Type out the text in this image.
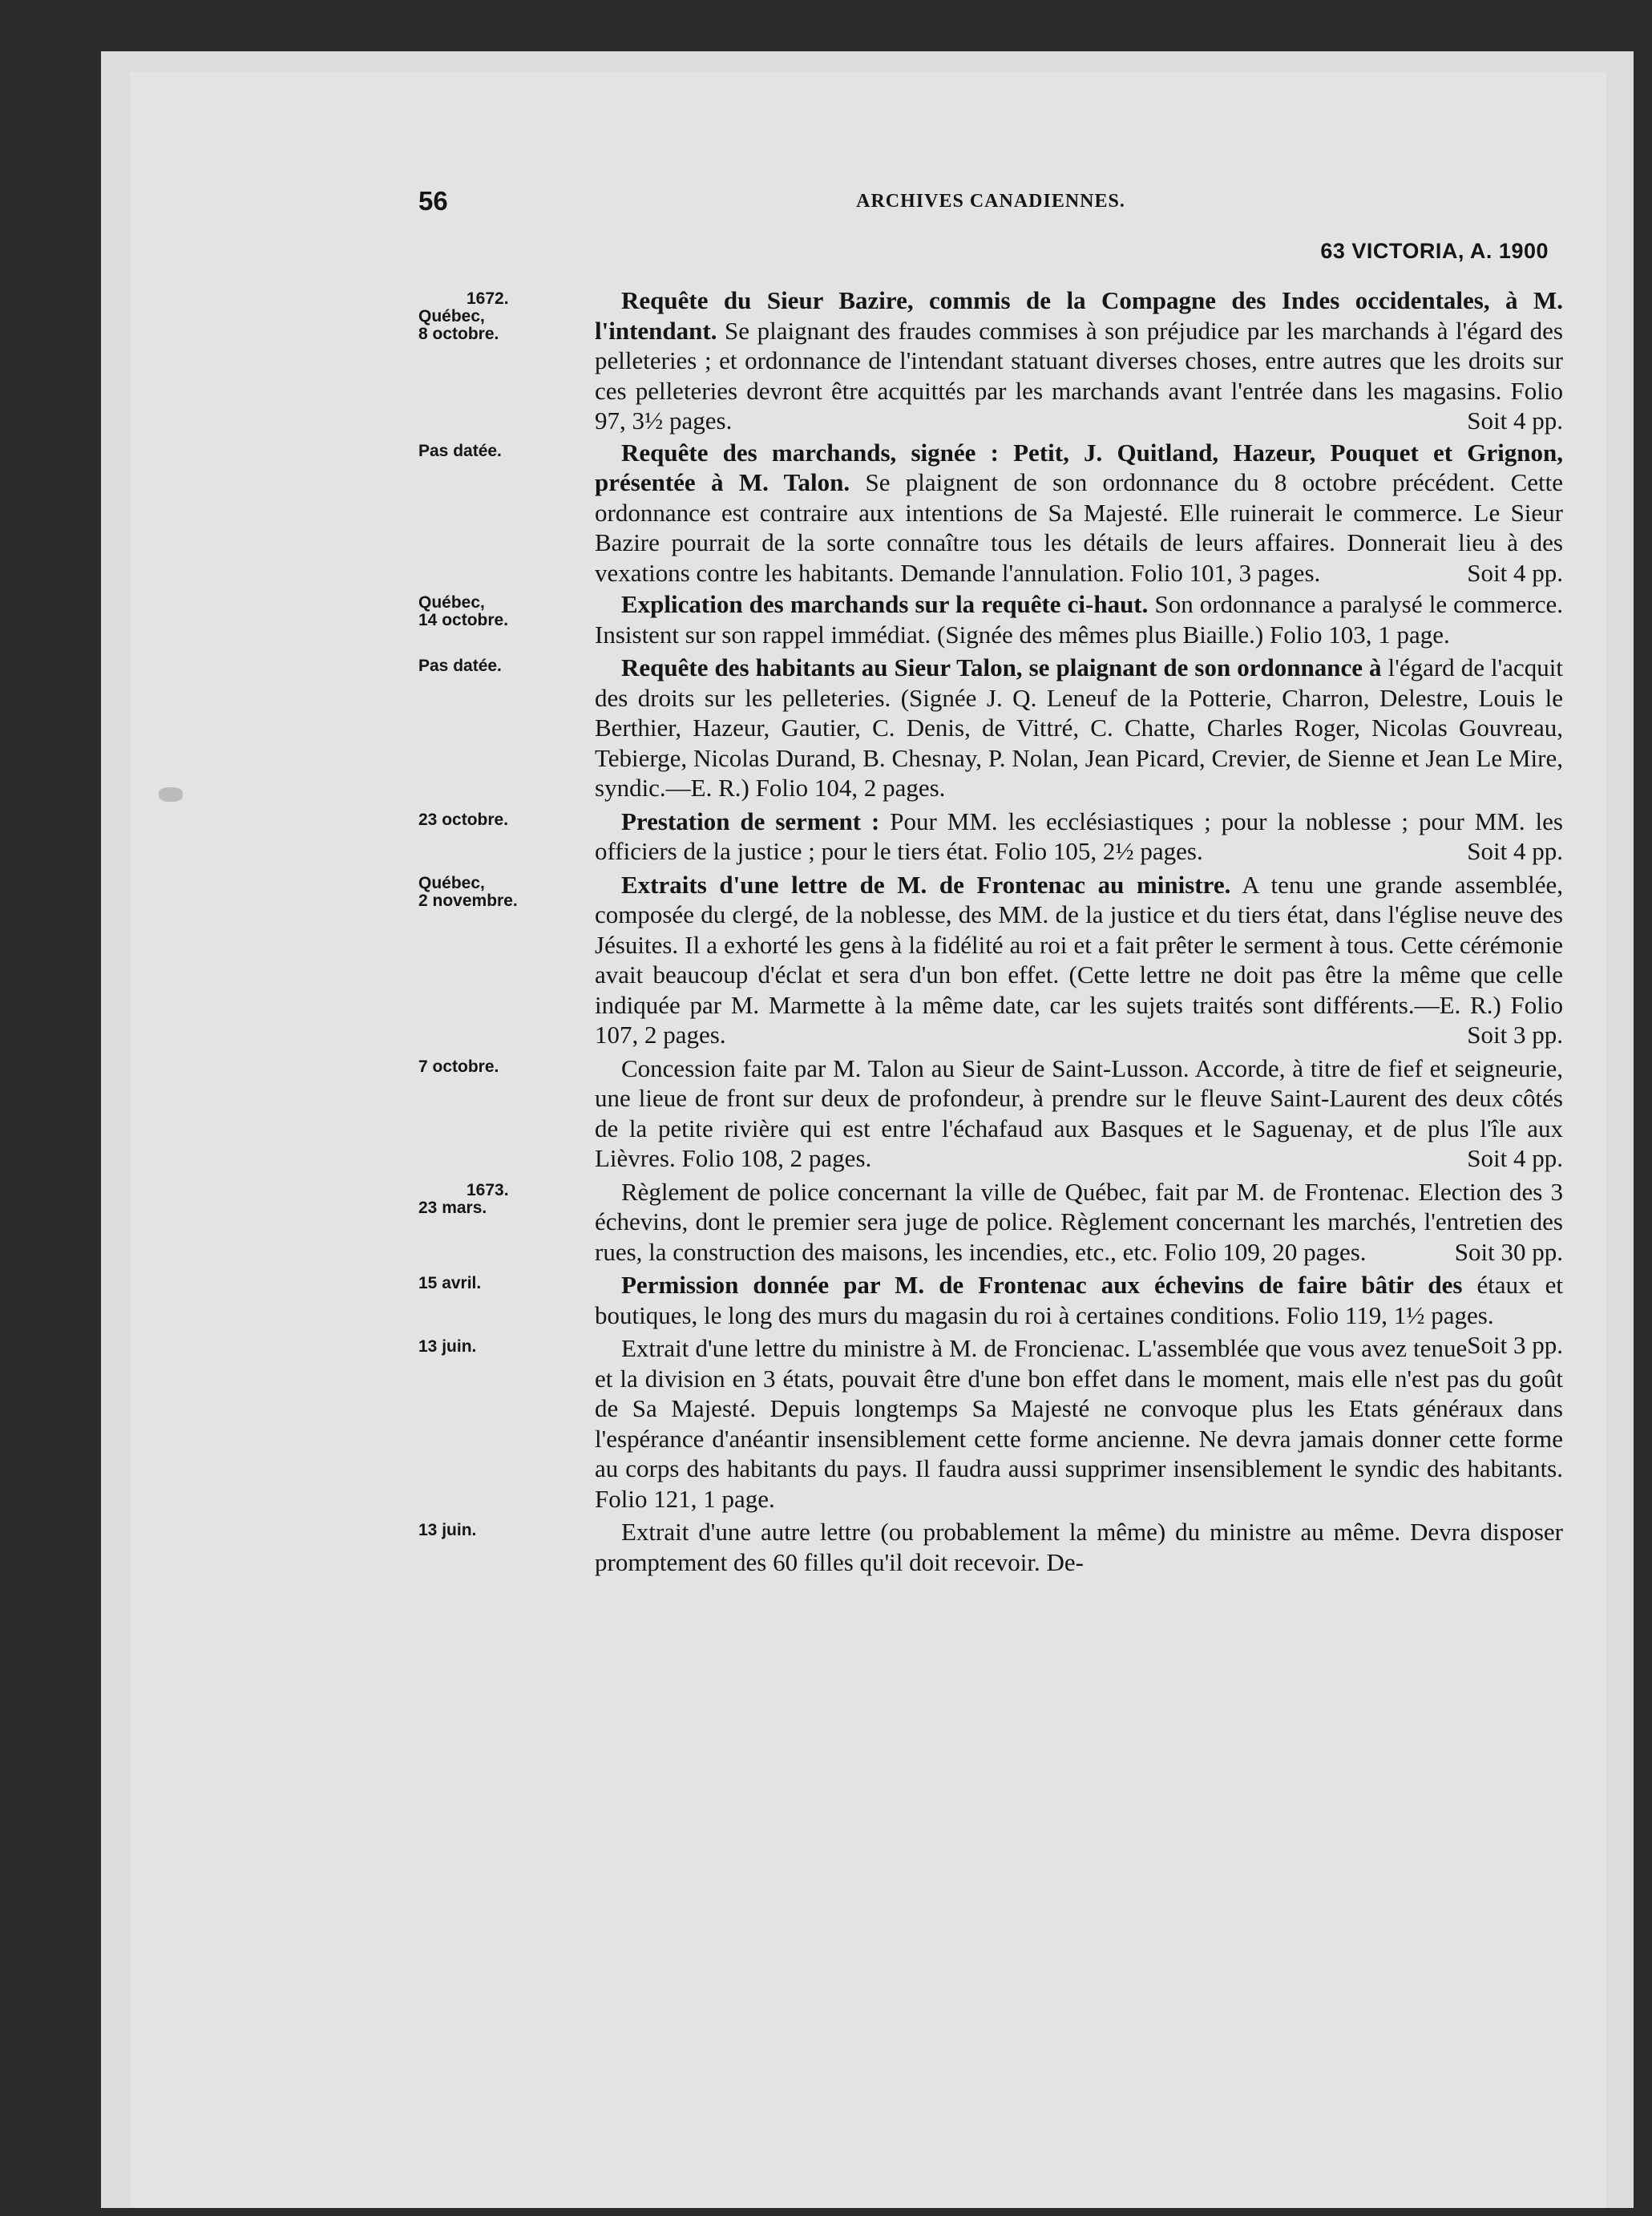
56	ARCHIVES CANADIENNES.
63 VICTORIA, A. 1900
1672.
Québec,
8 octobre.

Requête du Sieur Bazire, commis de la Compagne des Indes occidentales, à M. l'intendant. Se plaignant des fraudes commises à son préjudice par les marchands à l'égard des pelleteries ; et ordonnance de l'intendant statuant diverses choses, entre autres que les droits sur ces pelleteries devront être acquittés par les marchands avant l'entrée dans les magasins. Folio 97, 3½ pages.	Soit 4 pp.

Pas datée.	Requête des marchands, signée : Petit, J. Quitland, Hazeur, Pouquet et Grignon, présentée à M. Talon. Se plaignent de son ordonnance du 8 octobre précédent. Cette ordonnance est contraire aux intentions de Sa Majesté. Elle ruinerait le commerce. Le Sieur Bazire pourrait de la sorte connaître tous les détails de leurs affaires. Donnerait lieu à des vexations contre les habitants. Demande l'annulation. Folio 101, 3 pages.	Soit 4 pp.

Québec,
14 octobre.

Explication des marchands sur la requête ci-haut. Son ordonnance a paralysé le commerce. Insistent sur son rappel immédiat. (Signée des mêmes plus Biaille.) Folio 103, 1 page.

Pas datée.	Requête des habitants au Sieur Talon, se plaignant de son ordonnance à l'égard de l'acquit des droits sur les pelleteries. (Signée J. Q. Leneuf de la Potterie, Charron, Delestre, Louis le Berthier, Hazeur, Gautier, C. Denis, de Vittré, C. Chatte, Charles Roger, Nicolas Gouvreau, Tebierge, Nicolas Durand, B. Chesnay, P. Nolan, Jean Picard, Crevier, de Sienne et Jean Le Mire, syndic.—E. R.) Folio 104, 2 pages.

23 octobre.	Prestation de serment : Pour MM. les ecclésiastiques ; pour la noblesse ; pour MM. les officiers de la justice ; pour le tiers état. Folio 105, 2½ pages.	Soit 4 pp.

Québec,
2 novembre.

Extraits d'une lettre de M. de Frontenac au ministre. A tenu une grande assemblée, composée du clergé, de la noblesse, des MM. de la justice et du tiers état, dans l'église neuve des Jésuites. Il a exhorté les gens à la fidélité au roi et a fait prêter le serment à tous. Cette cérémonie avait beaucoup d'éclat et sera d'un bon effet. (Cette lettre ne doit pas être la même que celle indiquée par M. Marmette à la même date, car les sujets traités sont différents.—E. R.) Folio 107, 2 pages.	Soit 3 pp.

7 octobre.	Concession faite par M. Talon au Sieur de Saint-Lusson. Accorde, à titre de fief et seigneurie, une lieue de front sur deux de profondeur, à prendre sur le fleuve Saint-Laurent des deux côtés de la petite rivière qui est entre l'échafaud aux Basques et le Saguenay, et de plus l'île aux Lièvres. Folio 108, 2 pages.	Soit 4 pp.

1673.
23 mars.

Règlement de police concernant la ville de Québec, fait par M. de Frontenac. Election des 3 échevins, dont le premier sera juge de police. Règlement concernant les marchés, l'entretien des rues, la construction des maisons, les incendies, etc., etc. Folio 109, 20 pages.	Soit 30 pp.

15 avril.	Permission donnée par M. de Frontenac aux échevins de faire bâtir des étaux et boutiques, le long des murs du magasin du roi à certaines conditions. Folio 119, 1½ pages.
Soit 3 pp.

13 juin.	Extrait d'une lettre du ministre à M. de Froncienac. L'assemblée que vous avez tenue et la division en 3 états, pouvait être d'une bon effet dans le moment, mais elle n'est pas du goût de Sa Majesté. Depuis longtemps Sa Majesté ne convoque plus les Etats généraux dans l'espérance d'anéantir insensiblement cette forme ancienne. Ne devra jamais donner cette forme au corps des habitants du pays. Il faudra aussi supprimer insensiblement le syndic des habitants. Folio 121, 1 page.

13 juin.	Extrait d'une autre lettre (ou probablement la même) du ministre au même. Devra disposer promptement des 60 filles qu'il doit recevoir. De-
